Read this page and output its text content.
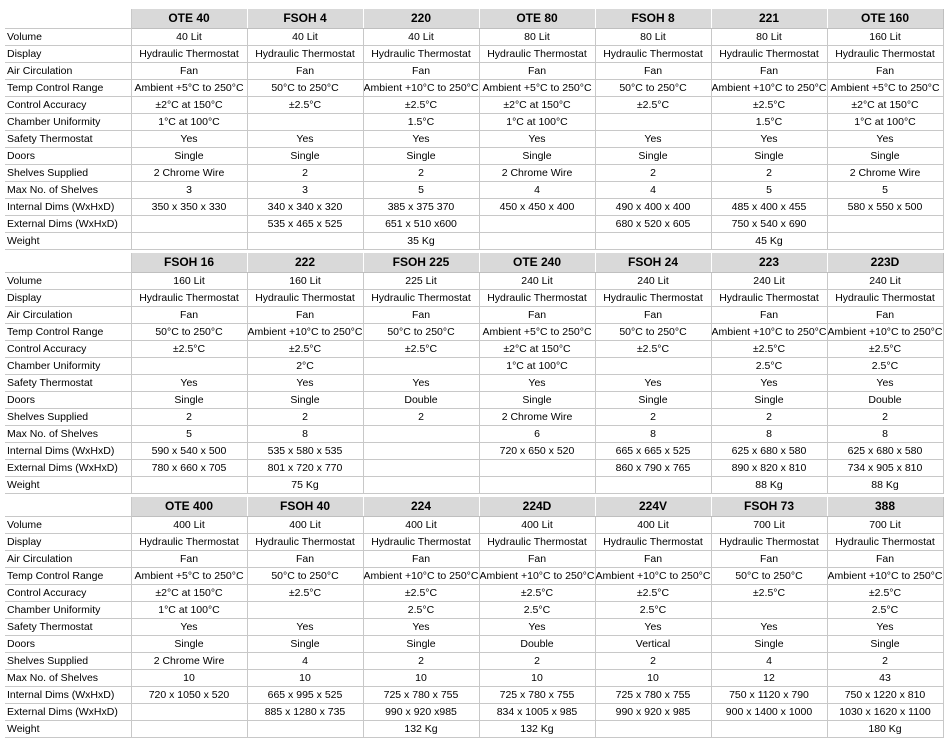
	OTE 40	FSOH 4	220	OTE 80	FSOH 8	221	OTE 160
Volume	40 Lit	40 Lit	40 Lit	80 Lit	80 Lit	80 Lit	160 Lit
Display	Hydraulic Thermostat	Hydraulic Thermostat	Hydraulic Thermostat	Hydraulic Thermostat	Hydraulic Thermostat	Hydraulic Thermostat	Hydraulic Thermostat
Air Circulation	Fan	Fan	Fan	Fan	Fan	Fan	Fan
Temp Control Range	Ambient +5°C to 250°C	50°C to 250°C	Ambient +10°C to 250°C	Ambient +5°C to 250°C	50°C to 250°C	Ambient +10°C to 250°C	Ambient +5°C to 250°C
Control Accuracy	±2°C at 150°C	±2.5°C	±2.5°C	±2°C at 150°C	±2.5°C	±2.5°C	±2°C at 150°C
Chamber Uniformity	1°C at 100°C		1.5°C	1°C at 100°C		1.5°C	1°C at 100°C
Safety Thermostat	Yes	Yes	Yes	Yes	Yes	Yes	Yes
Doors	Single	Single	Single	Single	Single	Single	Single
Shelves Supplied	2 Chrome Wire	2	2	2 Chrome Wire	2	2	2 Chrome Wire
Max No. of Shelves	3	3	5	4	4	5	5
Internal Dims (WxHxD)	350 x 350 x 330	340 x 340 x 320	385 x 375 370	450 x 450 x 400	490 x 400 x 400	485 x 400 x 455	580 x 550 x 500
External Dims (WxHxD)		535 x 465 x 525	651 x 510 x600		680 x 520 x 605	750 x 540 x 690	
Weight			35 Kg			45 Kg	
	FSOH 16	222	FSOH 225	OTE 240	FSOH 24	223	223D
Volume	160 Lit	160 Lit	225 Lit	240 Lit	240 Lit	240 Lit	240 Lit
Display	Hydraulic Thermostat	Hydraulic Thermostat	Hydraulic Thermostat	Hydraulic Thermostat	Hydraulic Thermostat	Hydraulic Thermostat	Hydraulic Thermostat
Air Circulation	Fan	Fan	Fan	Fan	Fan	Fan	Fan
Temp Control Range	50°C to 250°C	Ambient +10°C to 250°C	50°C to 250°C	Ambient +5°C to 250°C	50°C to 250°C	Ambient +10°C to 250°C	Ambient +10°C to 250°C
Control Accuracy	±2.5°C	±2.5°C	±2.5°C	±2°C at 150°C	±2.5°C	±2.5°C	±2.5°C
Chamber Uniformity		2°C		1°C at 100°C		2.5°C	2.5°C
Safety Thermostat	Yes	Yes	Yes	Yes	Yes	Yes	Yes
Doors	Single	Single	Double	Single	Single	Single	Double
Shelves Supplied	2	2	2	2 Chrome Wire	2	2	2
Max No. of Shelves	5	8		6	8	8	8
Internal Dims (WxHxD)	590 x 540 x 500	535 x 580 x 535		720 x 650 x 520	665 x 665 x 525	625 x 680 x 580	625 x 680 x 580
External Dims (WxHxD)	780 x 660 x 705	801 x 720 x 770			860 x 790 x 765	890 x 820 x 810	734 x 905 x 810
Weight		75 Kg				88 Kg	88 Kg
	OTE 400	FSOH 40	224	224D	224V	FSOH 73	388
Volume	400 Lit	400 Lit	400 Lit	400 Lit	400 Lit	700 Lit	700 Lit
Display	Hydraulic Thermostat	Hydraulic Thermostat	Hydraulic Thermostat	Hydraulic Thermostat	Hydraulic Thermostat	Hydraulic Thermostat	Hydraulic Thermostat
Air Circulation	Fan	Fan	Fan	Fan	Fan	Fan	Fan
Temp Control Range	Ambient +5°C to 250°C	50°C to 250°C	Ambient +10°C to 250°C	Ambient +10°C to 250°C	Ambient +10°C to 250°C	50°C to 250°C	Ambient +10°C to 250°C
Control Accuracy	±2°C at 150°C	±2.5°C	±2.5°C	±2.5°C	±2.5°C	±2.5°C	±2.5°C
Chamber Uniformity	1°C at 100°C		2.5°C	2.5°C	2.5°C		2.5°C
Safety Thermostat	Yes	Yes	Yes	Yes	Yes	Yes	Yes
Doors	Single	Single	Single	Double	Vertical	Single	Single
Shelves Supplied	2 Chrome Wire	4	2	2	2	4	2
Max No. of Shelves	10	10	10	10	10	12	43
Internal Dims (WxHxD)	720 x 1050 x 520	665 x 995 x 525	725 x 780 x 755	725 x 780 x 755	725 x 780 x 755	750 x 1120 x 790	750 x 1220 x 810
External Dims (WxHxD)		885 x 1280 x 735	990 x 920 x985	834 x 1005 x 985	990 x 920 x 985	900 x 1400 x 1000	1030 x 1620 x 1100
Weight			132 Kg	132 Kg			180 Kg
